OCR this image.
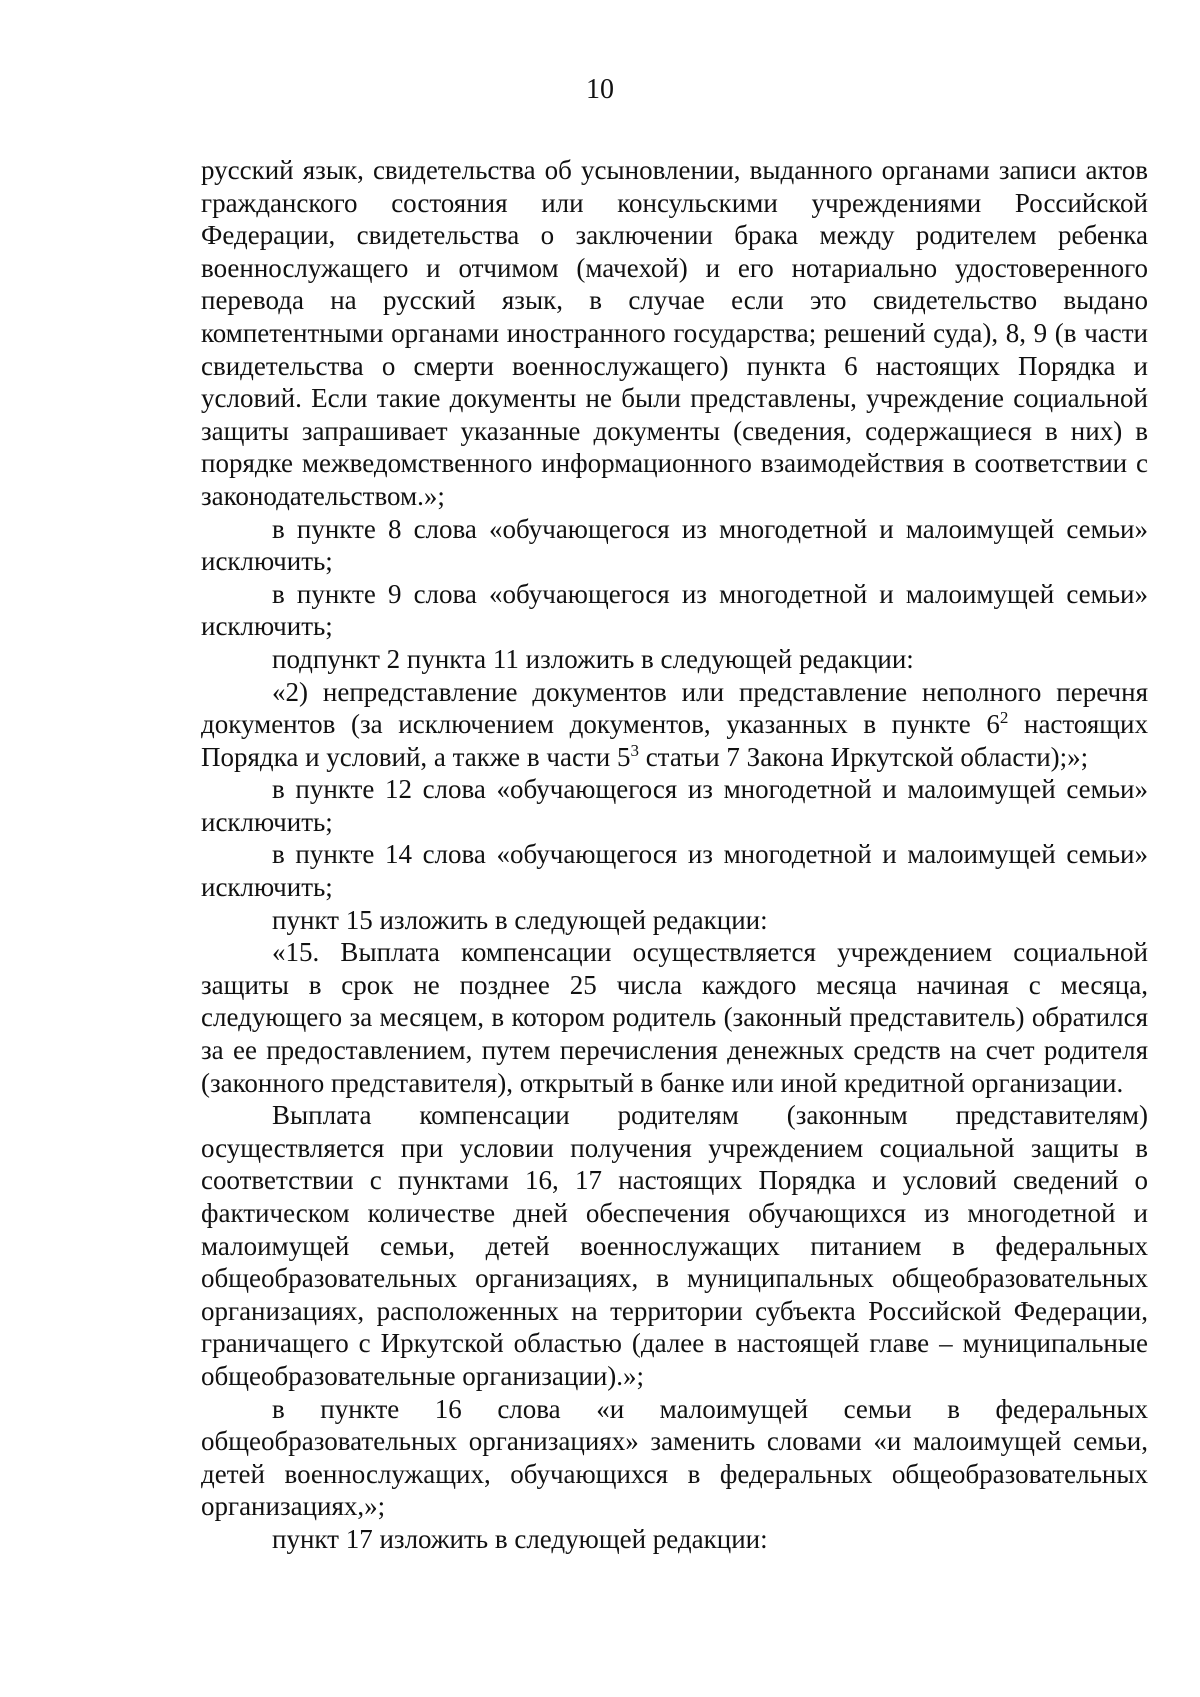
10

русский язык, свидетельства об усыновлении, выданного органами записи актов гражданского состояния или консульскими учреждениями Российской Федерации, свидетельства о заключении брака между родителем ребенка военнослужащего и отчимом (мачехой) и его нотариально удостоверенного перевода на русский язык, в случае если это свидетельство выдано компетентными органами иностранного государства; решений суда), 8, 9 (в части свидетельства о смерти военнослужащего) пункта 6 настоящих Порядка и условий. Если такие документы не были представлены, учреждение социальной защиты запрашивает указанные документы (сведения, содержащиеся в них) в порядке межведомственного информационного взаимодействия в соответствии с законодательством.»;

в пункте 8 слова «обучающегося из многодетной и малоимущей семьи» исключить;

в пункте 9 слова «обучающегося из многодетной и малоимущей семьи» исключить;

подпункт 2 пункта 11 изложить в следующей редакции:

«2) непредставление документов или представление неполного перечня документов (за исключением документов, указанных в пункте $6^2$ настоящих Порядка и условий, а также в части $5^3$ статьи 7 Закона Иркутской области);»;

в пункте 12 слова «обучающегося из многодетной и малоимущей семьи» исключить;

в пункте 14 слова «обучающегося из многодетной и малоимущей семьи» исключить;

пункт 15 изложить в следующей редакции:

«15. Выплата компенсации осуществляется учреждением социальной защиты в срок не позднее 25 числа каждого месяца начиная с месяца, следующего за месяцем, в котором родитель (законный представитель) обратился за ее предоставлением, путем перечисления денежных средств на счет родителя (законного представителя), открытый в банке или иной кредитной организации.

Выплата компенсации родителям (законным представителям) осуществляется при условии получения учреждением социальной защиты в соответствии с пунктами 16, 17 настоящих Порядка и условий сведений о фактическом количестве дней обеспечения обучающихся из многодетной и малоимущей семьи, детей военнослужащих питанием в федеральных общеобразовательных организациях, в муниципальных общеобразовательных организациях, расположенных на территории субъекта Российской Федерации, граничащего с Иркутской областью (далее в настоящей главе – муниципальные общеобразовательные организации).»;

в пункте 16 слова «и малоимущей семьи в федеральных общеобразовательных организациях» заменить словами «и малоимущей семьи, детей военнослужащих, обучающихся в федеральных общеобразовательных организациях,»;

пункт 17 изложить в следующей редакции:
